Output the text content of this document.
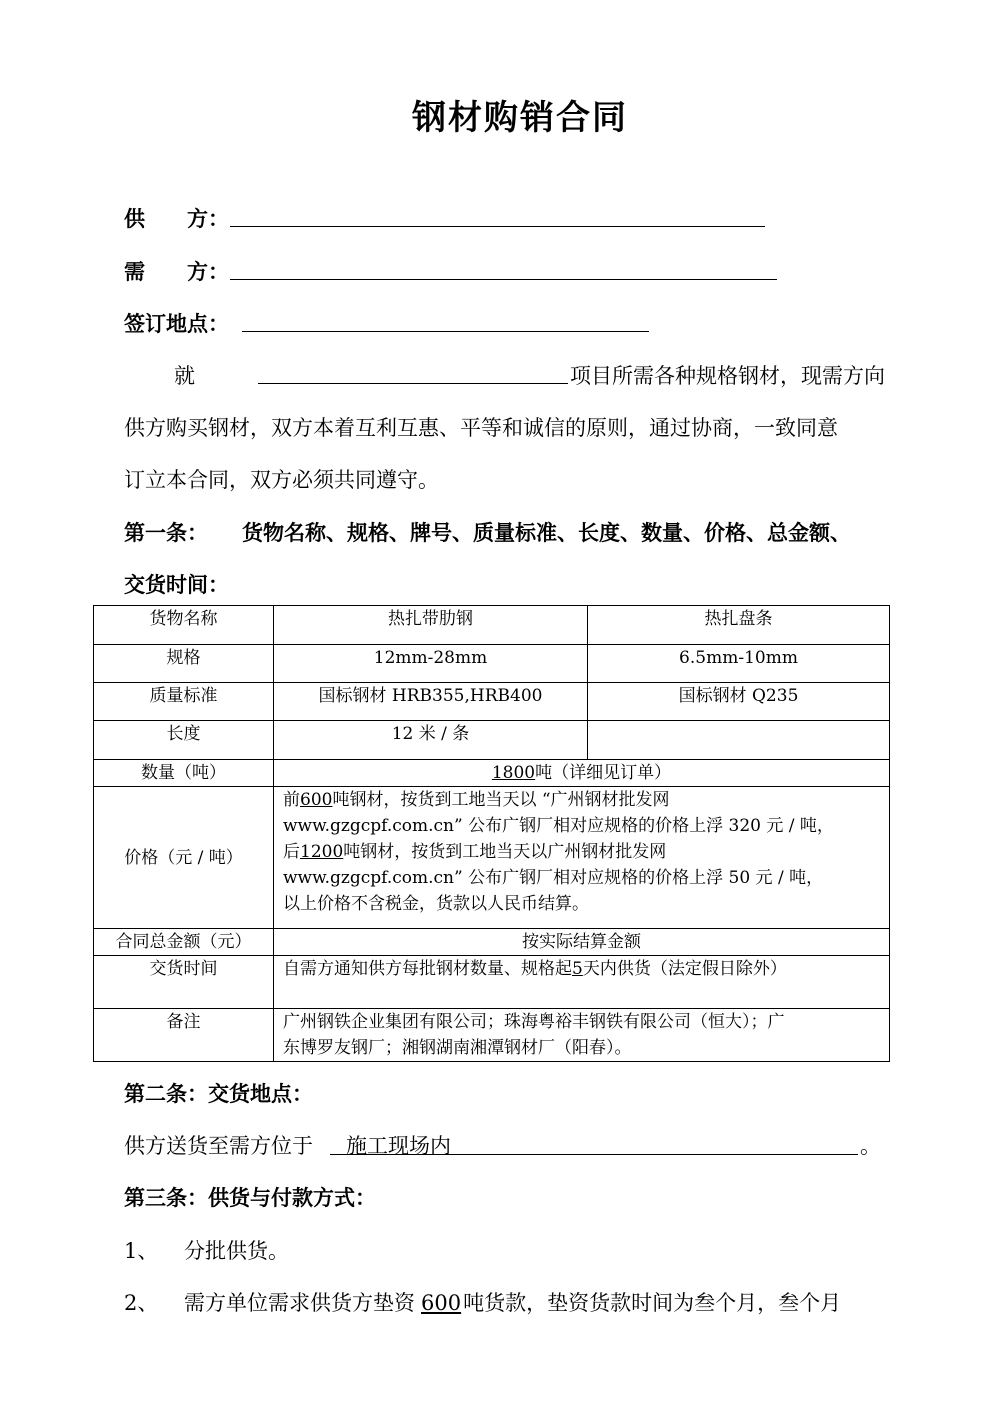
钢材购销合同
供　　方：
需　　方：
签订地点：
就	项目所需各种规格钢材，现需方向
供方购买钢材，双方本着互利互惠、平等和诚信的原则，通过协商，一致同意
订立本合同，双方必须共同遵守。
第一条： 货物名称、规格、牌号、质量标准、长度、数量、价格、总金额、
交货时间：
货物名称	热扎带肋钢	热扎盘条
规格	12mm-28mm	6.5mm-10mm
质量标准	国标钢材 HRB355,HRB400	国标钢材 Q235
长度	12 米 / 条	
数量（吨）	1800吨（详细见订单）	
价格（元 / 吨）	前600吨钢材，按货到工地当天以 “广州钢材批发网
www.gzgcpf.com.cn” 公布广钢厂相对应规格的价格上浮 320 元 / 吨，
后1200吨钢材，按货到工地当天以广州钢材批发网
www.gzgcpf.com.cn” 公布广钢厂相对应规格的价格上浮 50 元 / 吨，
以上价格不含税金，货款以人民币结算。	

合同总金额（元）	按实际结算金额	
交货时间	自需方通知供方每批钢材数量、规格起5天内供货（法定假日除外）	
备注	广州钢铁企业集团有限公司；珠海粤裕丰钢铁有限公司（恒大）；广
东博罗友钢厂；湘钢湖南湘潭钢材厂（阳春）。	
第二条：交货地点：
供方送货至需方位于 施工现场内	。
第三条：供货与付款方式：
1、 分批供货。
2、 需方单位需求供货方垫资 600吨货款，垫资货款时间为叁个月，叁个月
